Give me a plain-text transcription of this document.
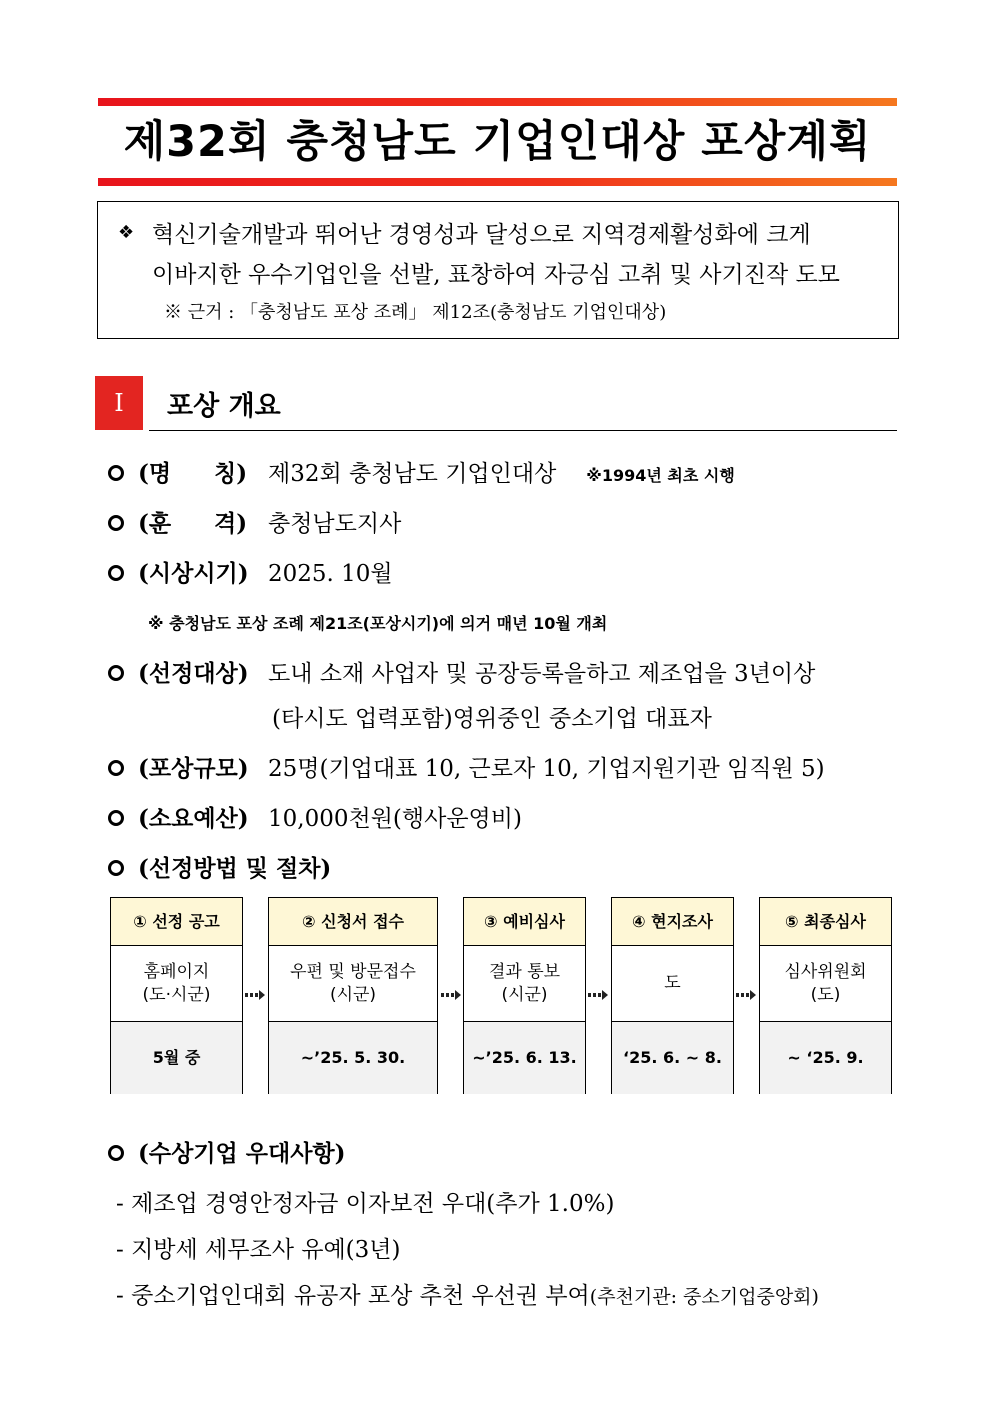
제32회 충청남도 기업인대상 포상계획
❖ 혁신기술개발과 뛰어난 경영성과 달성으로 지역경제활성화에 크게
이바지한 우수기업인을 선발, 표창하여 자긍심 고취 및 사기진작 도모
※ 근거 : 「충청남도 포상 조례」 제12조(충청남도 기업인대상)
Ⅰ	포상 개요
(명 칭) 제32회 충청남도 기업인대상 ※1994년 최초 시행
(훈 격) 충청남도지사
(시상시기) 2025. 10월
※ 충청남도 포상 조례 제21조(포상시기)에 의거 매년 10월 개최
(선정대상) 도내 소재 사업자 및 공장등록을하고 제조업을 3년이상
(타시도 업력포함)영위중인 중소기업 대표자
(포상규모) 25명(기업대표 10, 근로자 10, 기업지원기관 임직원 5)
(소요예산) 10,000천원(행사운영비)
(선정방법 및 절차)
① 선정 공고
홈페이지
(도·시군)
5월 중
② 신청서 접수
우편 및 방문접수
(시군)
~’25. 5. 30.
③ 예비심사
결과 통보
(시군)
~’25. 6. 13.
④ 현지조사
도
‘25. 6. ~ 8.
⑤ 최종심사
심사위원회
(도)
~ ‘25. 9.
(수상기업 우대사항)
- 제조업 경영안정자금 이자보전 우대(추가 1.0%)
- 지방세 세무조사 유예(3년)
- 중소기업인대회 유공자 포상 추천 우선권 부여(추천기관: 중소기업중앙회)
